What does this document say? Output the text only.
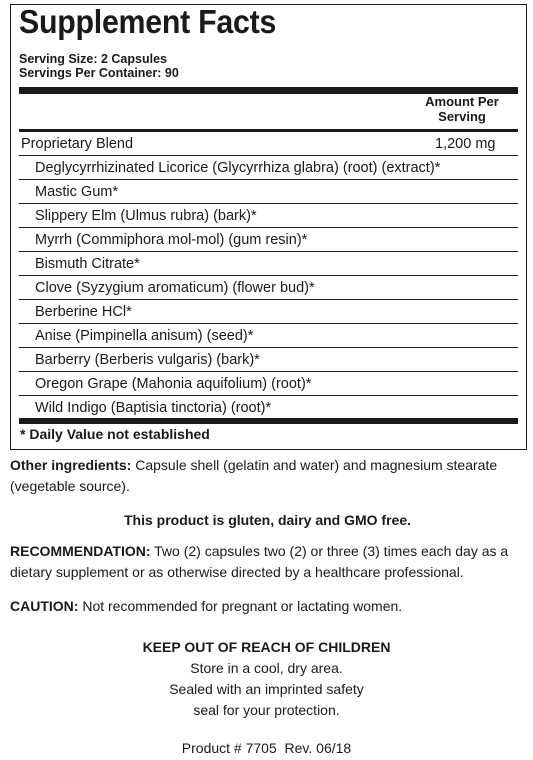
Supplement Facts
Serving Size: 2 Capsules
Servings Per Container: 90
Amount Per
Serving
Proprietary Blend	1,200 mg
Deglycyrrhizinated Licorice (Glycyrrhiza glabra) (root) (extract)*
Mastic Gum*
Slippery Elm (Ulmus rubra) (bark)*
Myrrh (Commiphora mol-mol) (gum resin)*
Bismuth Citrate*
Clove (Syzygium aromaticum) (flower bud)*
Berberine HCl*
Anise (Pimpinella anisum) (seed)*
Barberry (Berberis vulgaris) (bark)*
Oregon Grape (Mahonia aquifolium) (root)*
Wild Indigo (Baptisia tinctoria) (root)*
* Daily Value not established
Other ingredients: Capsule shell (gelatin and water) and magnesium stearate (vegetable source).
This product is gluten, dairy and GMO free.
RECOMMENDATION: Two (2) capsules two (2) or three (3) times each day as a dietary supplement or as otherwise directed by a healthcare professional.
CAUTION: Not recommended for pregnant or lactating women.
KEEP OUT OF REACH OF CHILDREN
Store in a cool, dry area.
Sealed with an imprinted safety
seal for your protection.
Product # 7705  Rev. 06/18
